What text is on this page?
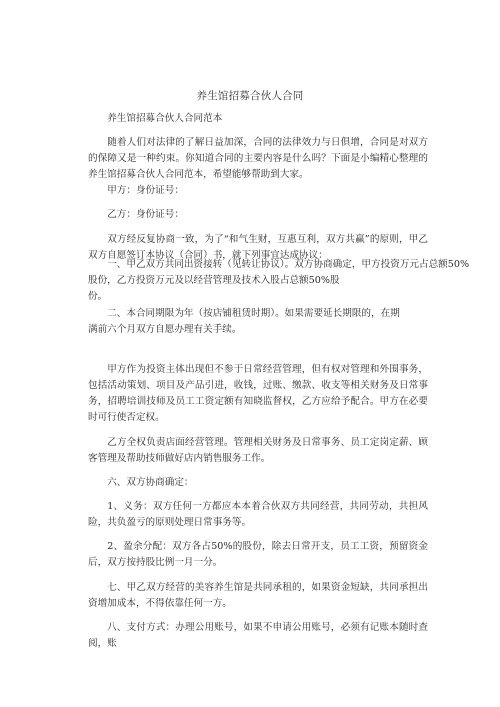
养生馆招募合伙人合同
养生馆招募合伙人合同范本
随着人们对法律的了解日益加深，合同的法律效力与日俱增，合同是对双方的保障又是一种约束。你知道合同的主要内容是什么吗？下面是小编精心整理的养生馆招募合伙人合同范本，希望能够帮助到大家。
甲方：身份证号：
乙方：身份证号：
双方经反复协商一致，为了“和气生财，互惠互利，双方共赢”的原则，甲乙双方自愿签订本协议（合同）书，就下列事宜达成协议：
一、甲乙双方共同出资接转（见转让协议）。双方协商确定，甲方投资万元占总额50%
股份，乙方投资万元及以经营管理及技术入股占总额50%股
份。
二、本合同期限为年（按店铺租赁时期）。如果需要延长期限的，在期
满前六个月双方自愿办理有关手续。
甲方作为投资主体出现但不参于日常经营管理，但有权对管理和外围事务，包括活动策划、项目及产品引进，收钱，过账、缴款、收支等相关财务及日常事务，招聘培训技师及员工工资定额有知晓监督权，乙方应给予配合。甲方在必要时可行使否定权。
乙方全权负责店面经营管理。管理相关财务及日常事务、员工定岗定薪、顾客管理及帮助技师做好店内销售服务工作。
六、双方协商确定：
1、义务：双方任何一方都应本本着合伙双方共同经营，共同劳动，共担风险，共负盈亏的原则处理日常事务等。
2、盈余分配：双方各占50%的股份，除去日常开支，员工工资，预留资金后，双方按持股比例一月一分。
七、甲乙双方经营的美容养生馆是共同承租的，如果资金短缺，共同承担出资增加成本，不得依靠任何一方。
八、支付方式：办理公用账号，如果不申请公用账号，必须有记账本随时查阅，账
